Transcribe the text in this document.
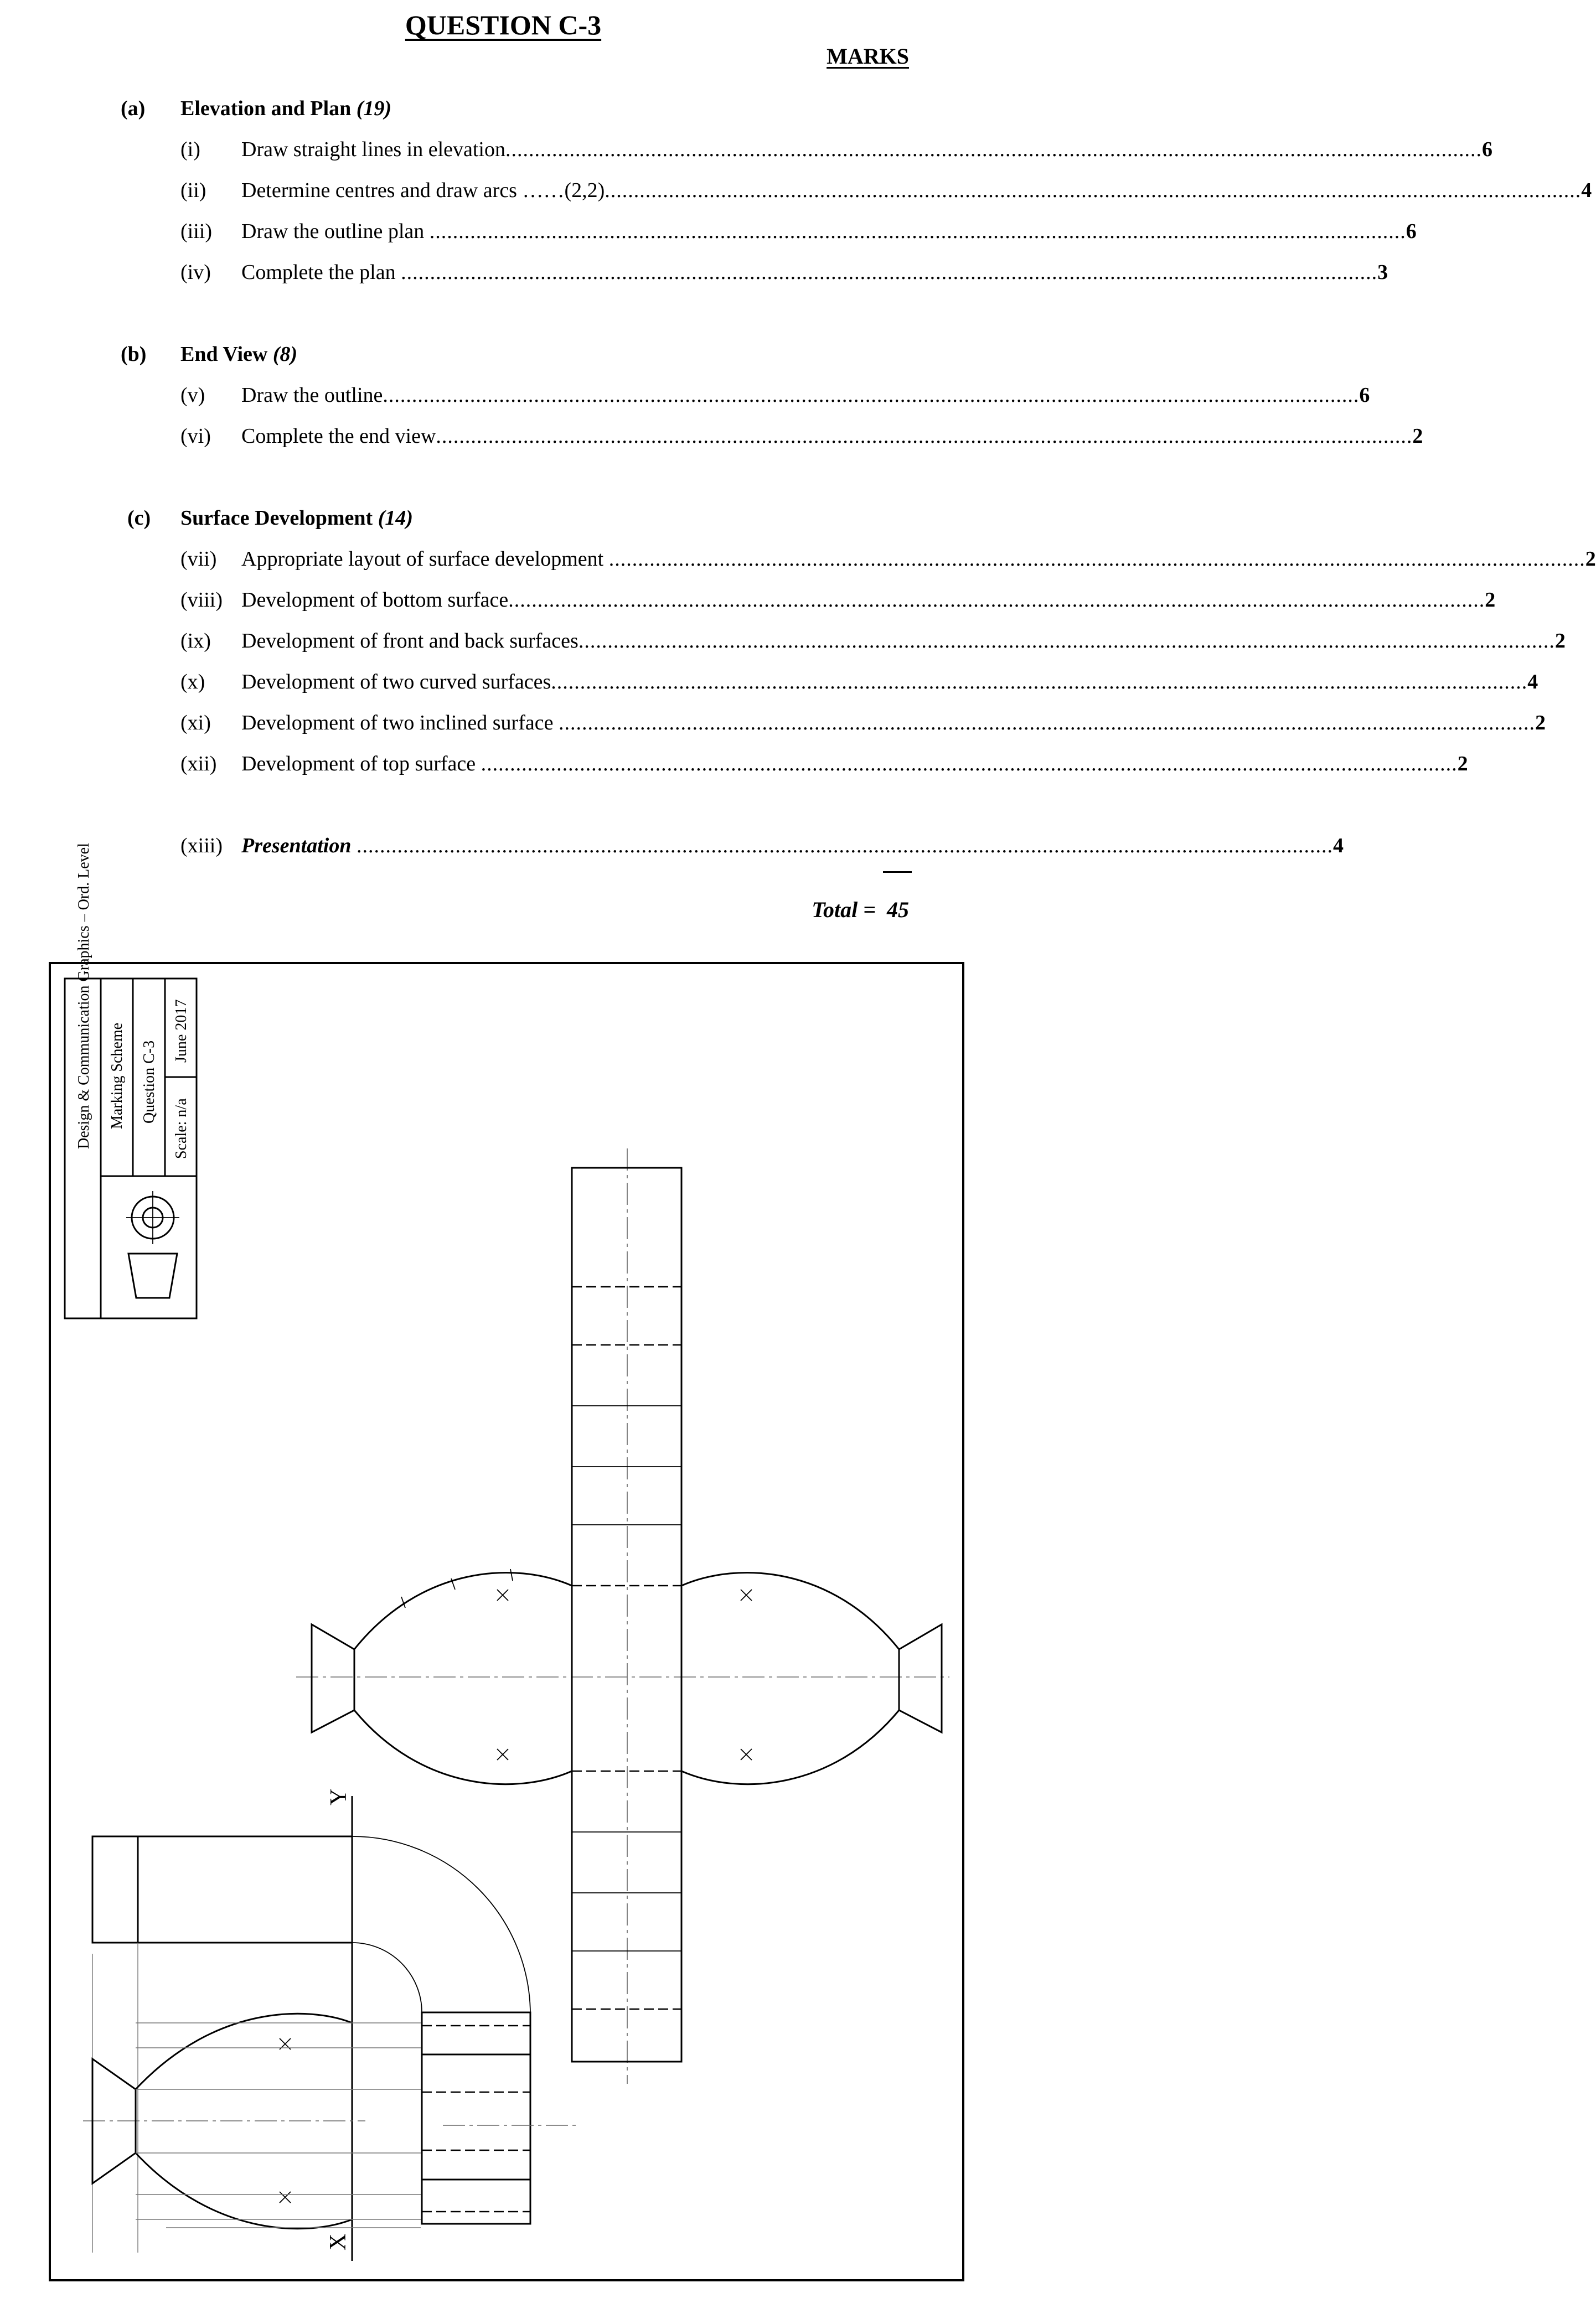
QUESTION C-3
MARKS
(a) Elevation and Plan (19)
(i)	Draw straight lines in elevation ........................................................................................................................................................................ 6
(ii)	Determine centres and draw arcs ……(2,2) ........................................................................................................................................................................ 4
(iii)	Draw the outline plan ........................................................................................................................................................................ 6
(iv)	Complete the plan ........................................................................................................................................................................ 3
(b) End View (8)
(v)	Draw the outline ........................................................................................................................................................................ 6
(vi)	Complete the end view ........................................................................................................................................................................ 2
(c) Surface Development (14)
(vii)	Appropriate layout of surface development ........................................................................................................................................................................ 2
(viii) Development of bottom surface ........................................................................................................................................................................ 2
(ix)	Development of front and back surfaces ........................................................................................................................................................................ 2
(x)	Development of two curved surfaces ........................................................................................................................................................................ 4
(xi)	Development of two inclined surface ........................................................................................................................................................................ 2
(xii)	Development of top surface ........................................................................................................................................................................ 2
(xiii) Presentation ........................................................................................................................................................................ 4
Total = 45
Design & Communication Graphics – Ord. Level Marking Scheme Question C-3
June 2017
Scale: n/a
Y
X
